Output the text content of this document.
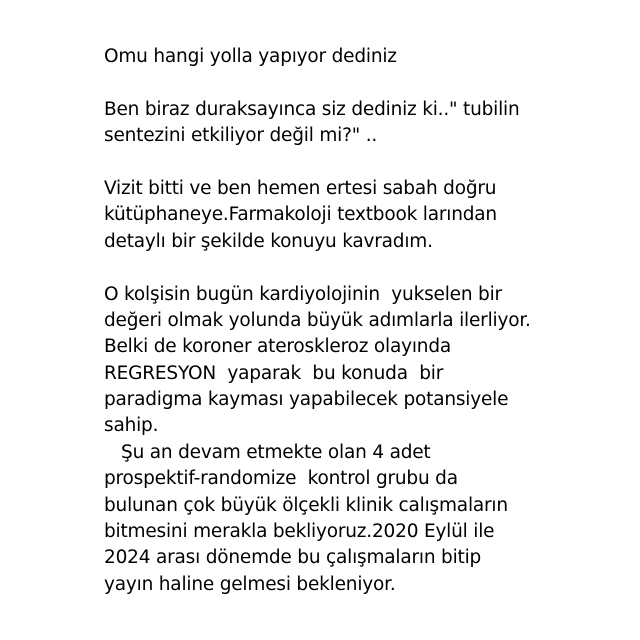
Omu hangi yolla yapıyor dediniz
Ben biraz duraksayınca siz dediniz ki.." tubilin
sentezini etkiliyor değil mi?" ..
Vizit bitti ve ben hemen ertesi sabah doğru
kütüphaneye.Farmakoloji textbook larından
detaylı bir şekilde konuyu kavradım.
O kolşisin bugün kardiyolojinin  yukselen bir
değeri olmak yolunda büyük adımlarla ilerliyor.
Belki de koroner ateroskleroz olayında
REGRESYON  yaparak  bu konuda  bir
paradigma kayması yapabilecek potansiyele
sahip.
Şu an devam etmekte olan 4 adet
prospektif-randomize  kontrol grubu da
bulunan çok büyük ölçekli klinik calışmaların
bitmesini merakla bekliyoruz.2020 Eylül ile
2024 arası dönemde bu çalışmaların bitip
yayın haline gelmesi bekleniyor.
